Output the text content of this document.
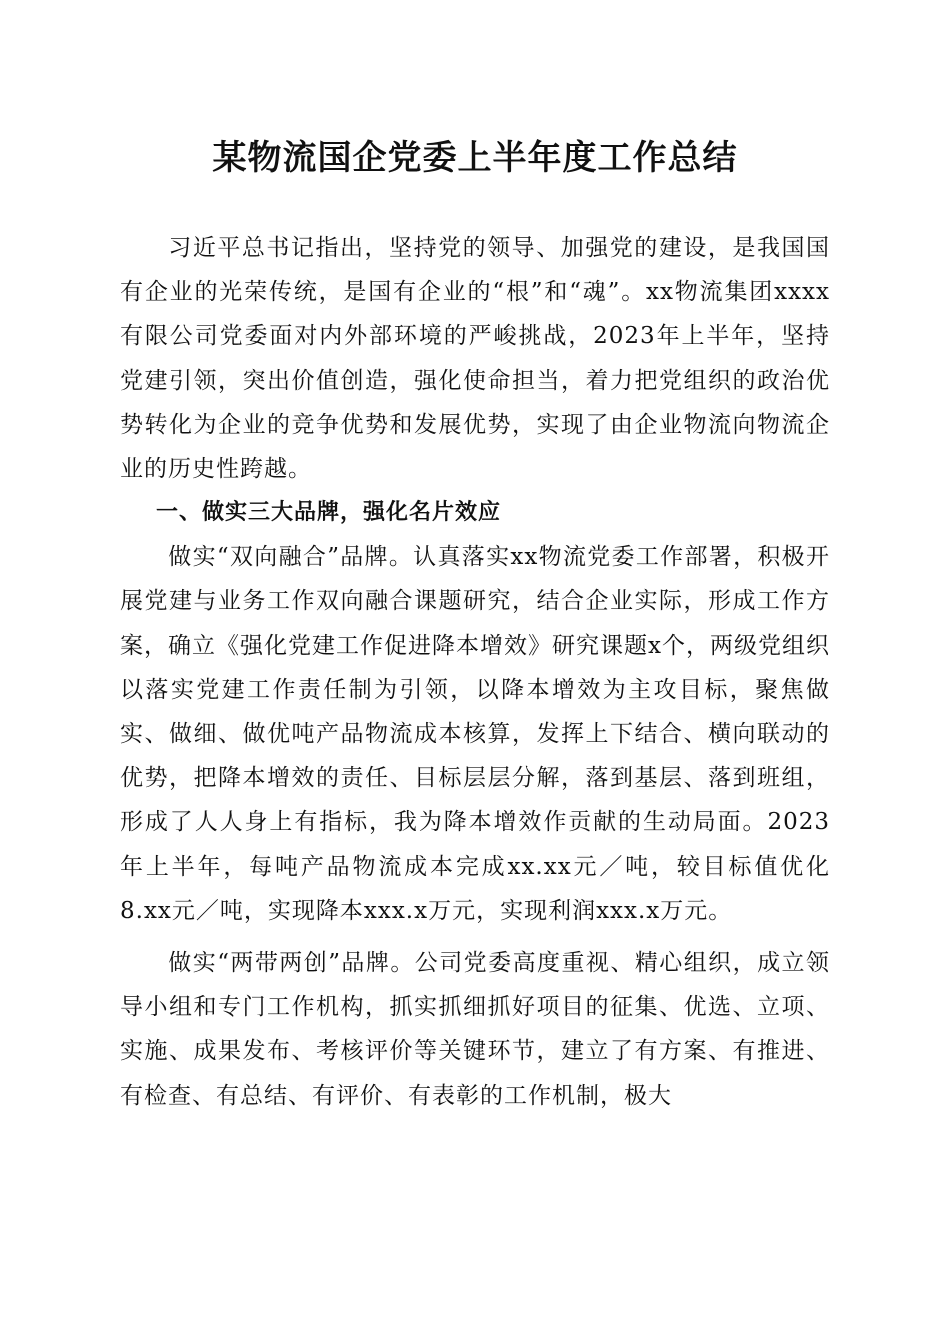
某物流国企党委上半年度工作总结

习近平总书记指出，坚持党的领导、加强党的建设，是我国国有企业的光荣传统，是国有企业的“根”和“魂”。xx物流集团xxxx有限公司党委面对内外部环境的严峻挑战，2023年上半年，坚持党建引领，突出价值创造，强化使命担当，着力把党组织的政治优势转化为企业的竞争优势和发展优势，实现了由企业物流向物流企业的历史性跨越。

一、做实三大品牌，强化名片效应

做实“双向融合”品牌。认真落实xx物流党委工作部署，积极开展党建与业务工作双向融合课题研究，结合企业实际，形成工作方案，确立《强化党建工作促进降本增效》研究课题x个，两级党组织以落实党建工作责任制为引领，以降本增效为主攻目标，聚焦做实、做细、做优吨产品物流成本核算，发挥上下结合、横向联动的优势，把降本增效的责任、目标层层分解，落到基层、落到班组，形成了人人身上有指标，我为降本增效作贡献的生动局面。2023年上半年，每吨产品物流成本完成xx.xx元／吨，较目标值优化8.xx元／吨，实现降本xxx.x万元，实现利润xxx.x万元。

做实“两带两创”品牌。公司党委高度重视、精心组织，成立领导小组和专门工作机构，抓实抓细抓好项目的征集、优选、立项、实施、成果发布、考核评价等关键环节，建立了有方案、有推进、有检查、有总结、有评价、有表彰的工作机制，极大
